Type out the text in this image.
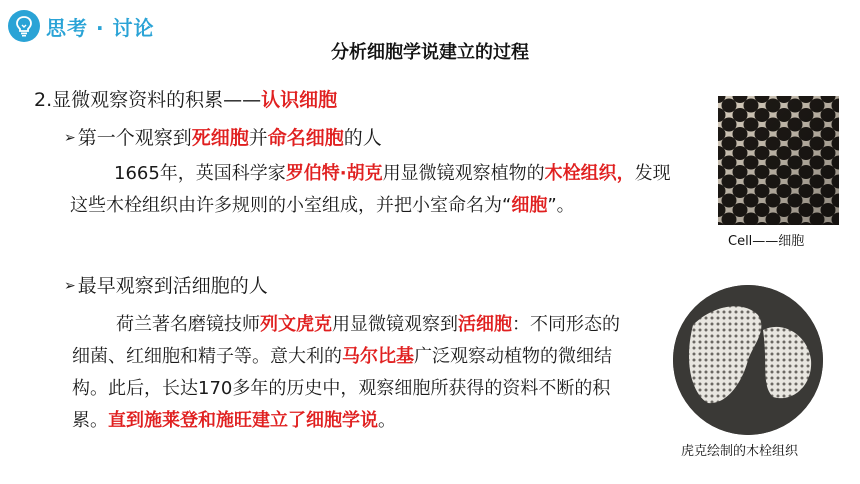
思考 · 讨论
分析细胞学说建立的过程
2.显微观察资料的积累——认识细胞
➢ 第一个观察到死细胞并命名细胞的人
1665年，英国科学家罗伯特·胡克用显微镜观察植物的木栓组织，发现这些木栓组织由许多规则的小室组成，并把小室命名为“细胞”。
➢ 最早观察到活细胞的人
荷兰著名磨镜技师列文虎克用显微镜观察到活细胞：不同形态的细菌、红细胞和精子等。意大利的马尔比基广泛观察动植物的微细结构。此后，长达170多年的历史中，观察细胞所获得的资料不断的积累。直到施莱登和施旺建立了细胞学说。
Cell——细胞
虎克绘制的木栓组织
